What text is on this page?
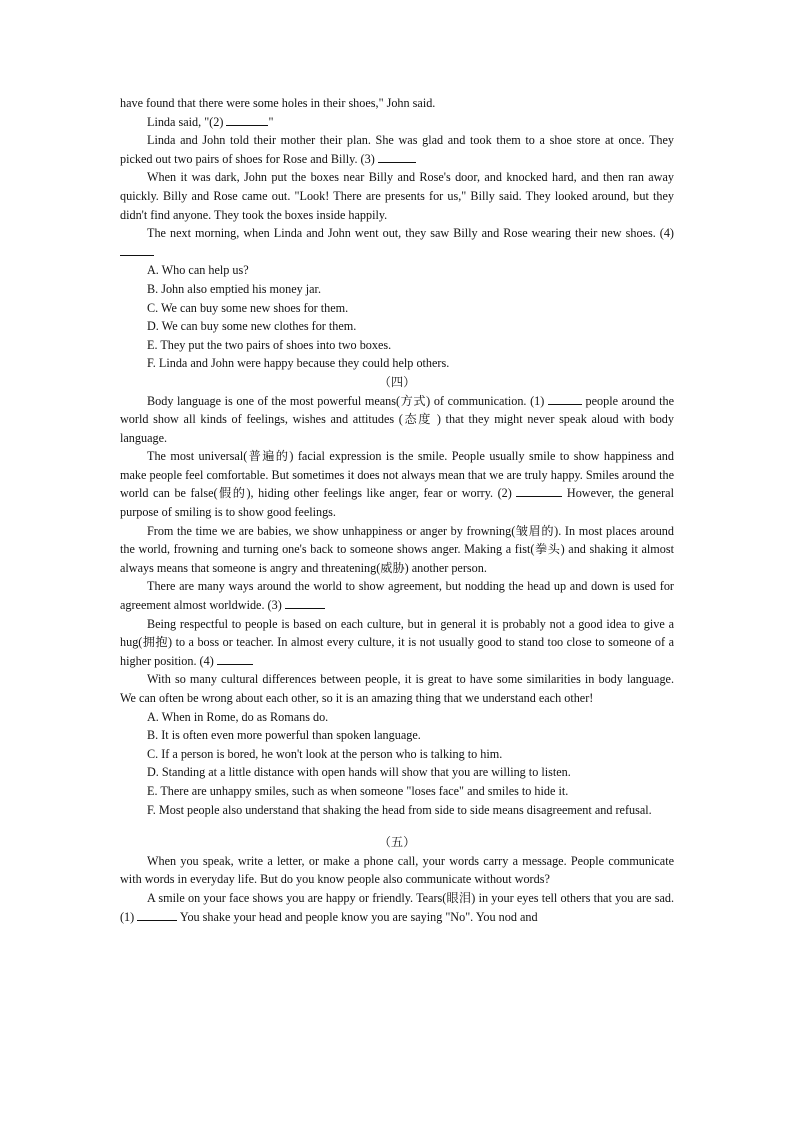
have found that there were some holes in their shoes," John said.

Linda said, "(2)	"

Linda and John told their mother their plan. She was glad and took them to a shoe store at once. They picked out two pairs of shoes for Rose and Billy. (3)

When it was dark, John put the boxes near Billy and Rose's door, and knocked hard, and then ran away quickly. Billy and Rose came out. "Look! There are presents for us," Billy said. They looked around, but they didn't find anyone. They took the boxes inside happily.

The next morning, when Linda and John went out, they saw Billy and Rose wearing their new shoes. (4)

A. Who can help us?

B. John also emptied his money jar.

C. We can buy some new shoes for them.

D. We can buy some new clothes for them.

E. They put the two pairs of shoes into two boxes.

F. Linda and John were happy because they could help others.

（四）

Body language is one of the most powerful means(方式) of communication. (1)	people around the world show all kinds of feelings, wishes and attitudes (态度 ) that they might never speak aloud with body language.

The most universal(普遍的) facial expression is the smile. People usually smile to show happiness and make people feel comfortable. But sometimes it does not always mean that we are truly happy. Smiles around the world can be false(假的), hiding other feelings like anger, fear or worry. (2)	However, the general purpose of smiling is to show good feelings.

From the time we are babies, we show unhappiness or anger by frowning(皱眉的). In most places around the world, frowning and turning one's back to someone shows anger. Making a fist(拳头) and shaking it almost always means that someone is angry and threatening(威胁) another person.

There are many ways around the world to show agreement, but nodding the head up and down is used for agreement almost worldwide. (3)

Being respectful to people is based on each culture, but in general it is probably not a good idea to give a hug(拥抱) to a boss or teacher. In almost every culture, it is not usually good to stand too close to someone of a higher position. (4)

With so many cultural differences between people, it is great to have some similarities in body language. We can often be wrong about each other, so it is an amazing thing that we understand each other!

A. When in Rome, do as Romans do.

B. It is often even more powerful than spoken language.

C. If a person is bored, he won't look at the person who is talking to him.

D. Standing at a little distance with open hands will show that you are willing to listen.

E. There are unhappy smiles, such as when someone "loses face" and smiles to hide it.

F. Most people also understand that shaking the head from side to side means disagreement and refusal.

（五）

When you speak, write a letter, or make a phone call, your words carry a message. People communicate with words in everyday life. But do you know people also communicate without words?

A smile on your face shows you are happy or friendly. Tears(眼泪) in your eyes tell others that you are sad. (1)	You shake your head and people know you are saying "No". You nod and
